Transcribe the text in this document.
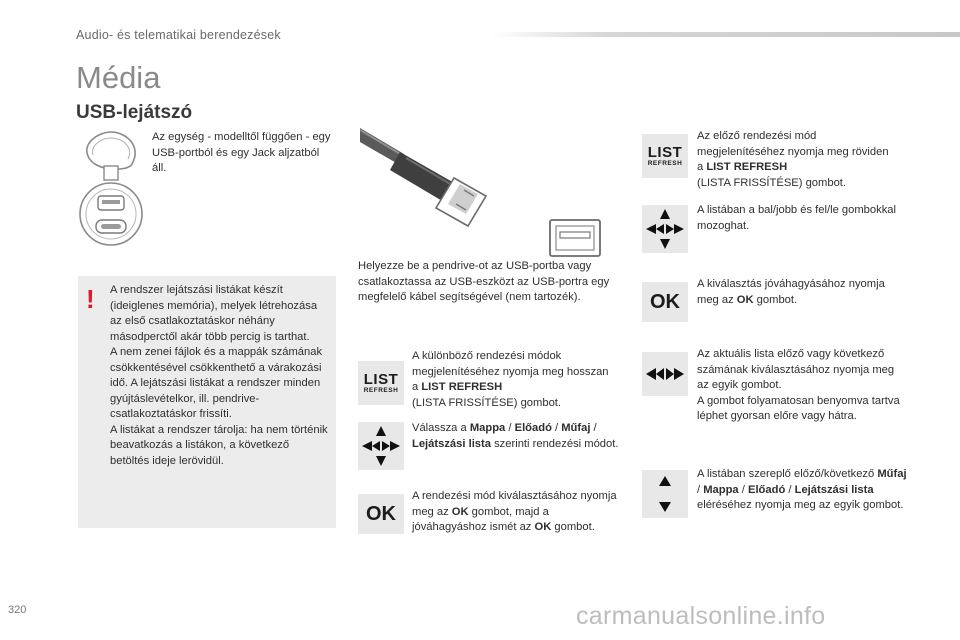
Audio- és telematikai berendezések
Média
USB-lejátszó
Az egység - modelltől függően - egy USB-portból és egy Jack aljzatból áll.
Helyezze be a pendrive-ot az USB-portba vagy csatlakoztassa az USB-eszközt az USB-portra egy megfelelő kábel segítségével (nem tartozék).
! A rendszer lejátszási listákat készít (ideiglenes memória), melyek létrehozása az első csatlakoztatáskor néhány másodperctől akár több percig is tarthat.
A nem zenei fájlok és a mappák számának csökkentésével csökkenthető a várakozási idő. A lejátszási listákat a rendszer minden gyújtáslevételkor, ill. pendrive-csatlakoztatáskor frissíti.
A listákat a rendszer tárolja: ha nem történik beavatkozás a listákon, a következő betöltés ideje lerövidül.
LIST
REFRESH
A különböző rendezési módok megjelenítéséhez nyomja meg hosszan a LIST REFRESH
(LISTA FRISSÍTÉSE) gombot.
Válassza a Mappa / Előadó / Műfaj / Lejátszási lista szerinti rendezési módot.
OK
A rendezési mód kiválasztásához nyomja meg az OK gombot, majd a jóváhagyáshoz ismét az OK gombot.
LIST
REFRESH
Az előző rendezési mód megjelenítéséhez nyomja meg röviden a LIST REFRESH
(LISTA FRISSÍTÉSE) gombot.
A listában a bal/jobb és fel/le gombokkal mozoghat.
OK
A kiválasztás jóváhagyásához nyomja meg az OK gombot.
Az aktuális lista előző vagy következő számának kiválasztásához nyomja meg az egyik gombot.
A gombot folyamatosan benyomva tartva léphet gyorsan előre vagy hátra.
A listában szereplő előző/következő Műfaj / Mappa / Előadó / Lejátszási lista eléréséhez nyomja meg az egyik gombot.
320	carmanualsonline.info
